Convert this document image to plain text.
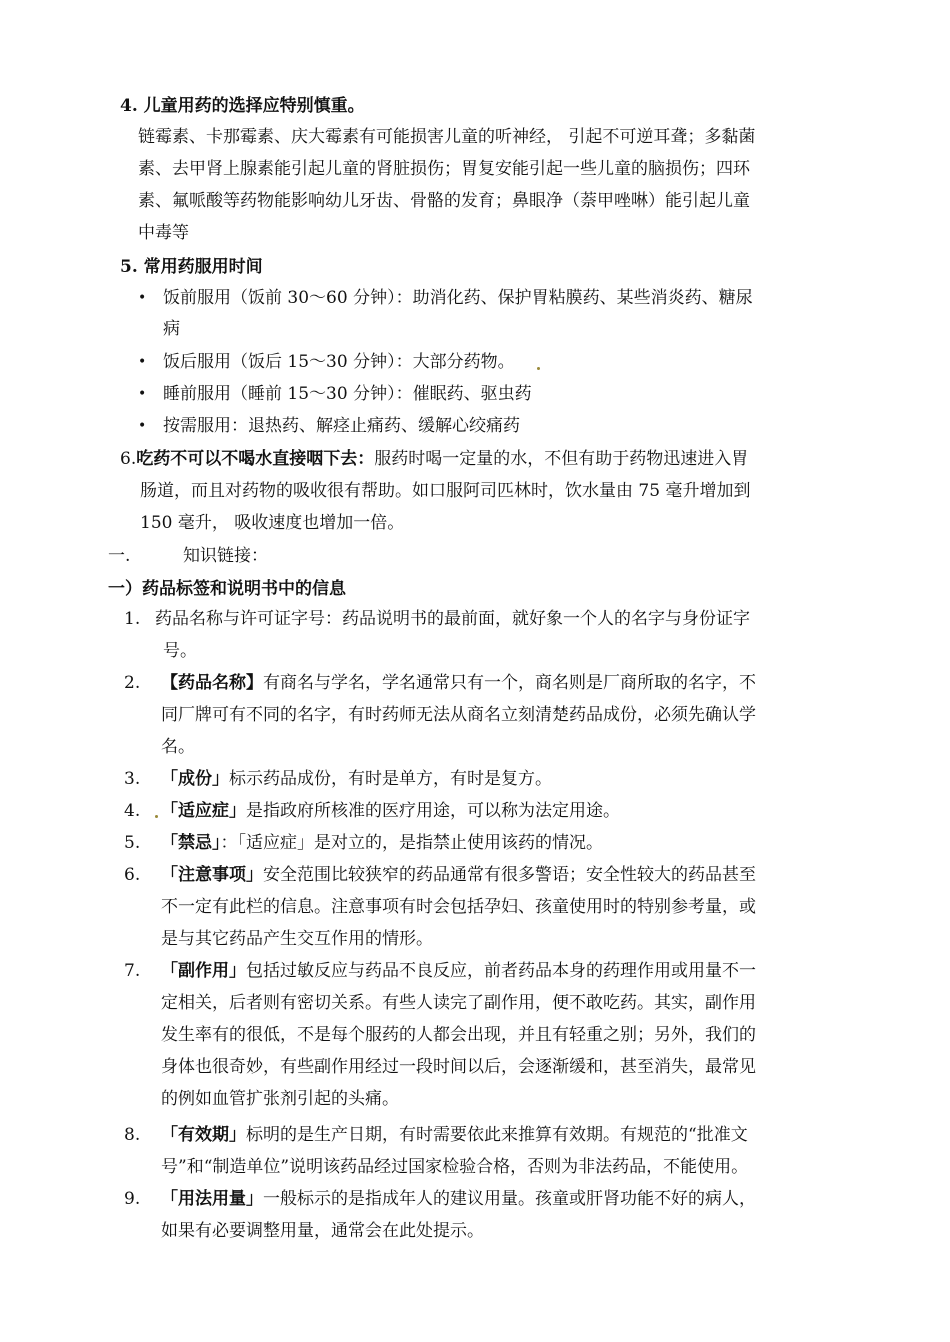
4. 儿童用药的选择应特别慎重。
链霉素、卡那霉素、庆大霉素有可能损害儿童的听神经， 引起不可逆耳聋；多黏菌
素、去甲肾上腺素能引起儿童的肾脏损伤；胃复安能引起一些儿童的脑损伤；四环
素、氟哌酸等药物能影响幼儿牙齿、骨骼的发育；鼻眼净（萘甲唑啉）能引起儿童
中毒等
5. 常用药服用时间
• 饭前服用（饭前 30～60 分钟）：助消化药、保护胃粘膜药、某些消炎药、糖尿
病
• 饭后服用（饭后 15～30 分钟）：大部分药物。
• 睡前服用（睡前 15～30 分钟）：催眠药、驱虫药
• 按需服用：退热药、解痉止痛药、缓解心绞痛药
6.吃药不可以不喝水直接咽下去：服药时喝一定量的水，不但有助于药物迅速进入胃
肠道，而且对药物的吸收很有帮助。如口服阿司匹林时，饮水量由 75 毫升增加到
150 毫升， 吸收速度也增加一倍。
一.	知识链接：
一）药品标签和说明书中的信息
1. 药品名称与许可证字号：药品说明书的最前面，就好象一个人的名字与身份证字
号。
2. 【药品名称】有商名与学名，学名通常只有一个，商名则是厂商所取的名字，不
同厂牌可有不同的名字，有时药师无法从商名立刻清楚药品成份，必须先确认学
名。
3. 「成份」标示药品成份，有时是单方，有时是复方。
4. 「适应症」是指政府所核准的医疗用途，可以称为法定用途。
5. 「禁忌」：「适应症」是对立的，是指禁止使用该药的情况。
6. 「注意事项」安全范围比较狭窄的药品通常有很多警语；安全性较大的药品甚至
不一定有此栏的信息。注意事项有时会包括孕妇、孩童使用时的特别参考量，或
是与其它药品产生交互作用的情形。
7. 「副作用」包括过敏反应与药品不良反应，前者药品本身的药理作用或用量不一
定相关，后者则有密切关系。有些人读完了副作用，便不敢吃药。其实，副作用
发生率有的很低，不是每个服药的人都会出现，并且有轻重之别；另外，我们的
身体也很奇妙，有些副作用经过一段时间以后，会逐渐缓和，甚至消失，最常见
的例如血管扩张剂引起的头痛。
8. 「有效期」标明的是生产日期，有时需要依此来推算有效期。有规范的“批准文
号”和“制造单位”说明该药品经过国家检验合格，否则为非法药品，不能使用。
9. 「用法用量」一般标示的是指成年人的建议用量。孩童或肝肾功能不好的病人，
如果有必要调整用量，通常会在此处提示。
